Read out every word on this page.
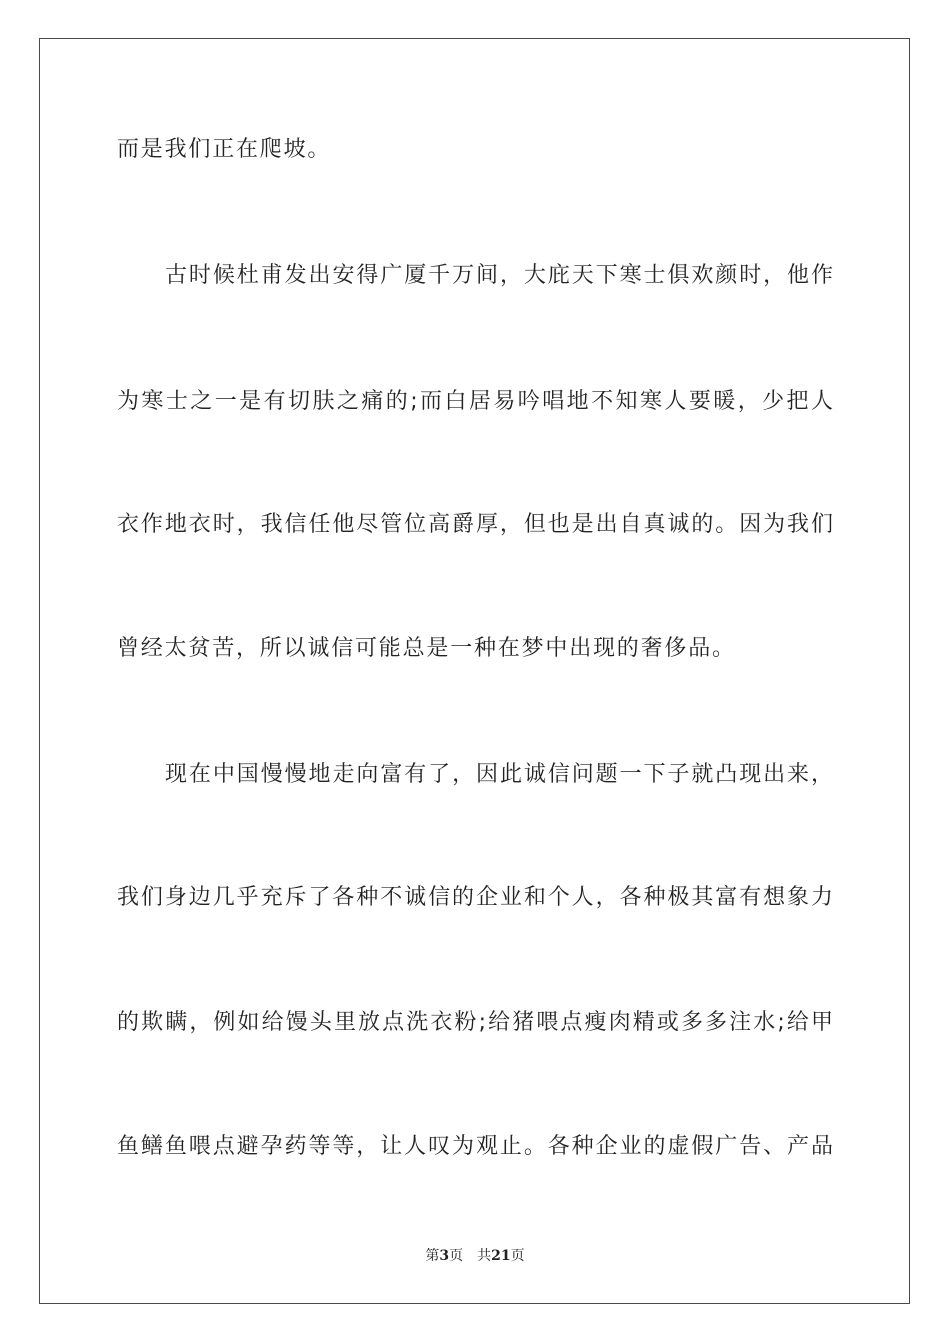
而是我们正在爬坡。
古时候杜甫发出安得广厦千万间，大庇天下寒士俱欢颜时，他作
为寒士之一是有切肤之痛的;而白居易吟唱地不知寒人要暖，少把人
衣作地衣时，我信任他尽管位高爵厚，但也是出自真诚的。因为我们
曾经太贫苦，所以诚信可能总是一种在梦中出现的奢侈品。
现在中国慢慢地走向富有了，因此诚信问题一下子就凸现出来，
我们身边几乎充斥了各种不诚信的企业和个人，各种极其富有想象力
的欺瞒，例如给馒头里放点洗衣粉;给猪喂点瘦肉精或多多注水;给甲
鱼鳝鱼喂点避孕药等等，让人叹为观止。各种企业的虚假广告、产品
第3页 共21页
